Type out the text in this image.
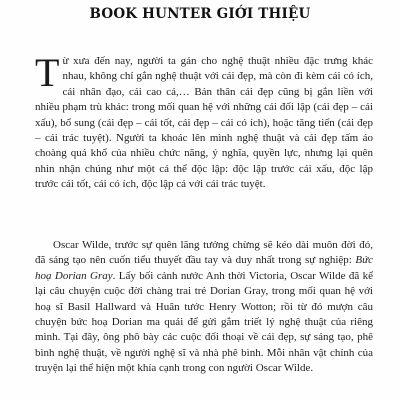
BOOK HUNTER GIỚI THIỆU

Từ xưa đến nay, người ta gán cho nghệ thuật nhiều đặc trưng khác nhau, không chỉ gắn nghệ thuật với cái đẹp, mà còn đi kèm cái có ích, cái nhân đạo, cái cao cả,… Bản thân cái đẹp cũng bị gắn liền với nhiều phạm trù khác: trong mối quan hệ với những cái đối lập (cái đẹp – cái xấu), bổ sung (cái đẹp – cái tốt, cái đẹp – cái có ích), hoặc tăng tiến (cái đẹp – cái trác tuyệt). Người ta khoác lên mình nghệ thuật và cái đẹp tấm áo choàng quá khổ của nhiều chức năng, ý nghĩa, quyền lực, nhưng lại quên nhìn nhận chúng như một cá thể độc lập: độc lập trước cái xấu, độc lập trước cái tốt, cái có ích, độc lập cả với cái trác tuyệt.

Oscar Wilde, trước sự quên lãng tưởng chừng sẽ kéo dài muôn đời đó, đã sáng tạo nên cuốn tiểu thuyết đầu tay và duy nhất trong sự nghiệp: Bức hoạ Dorian Gray. Lấy bối cảnh nước Anh thời Victoria, Oscar Wilde đã kể lại câu chuyện cuộc đời chàng trai trẻ Dorian Gray, trong mối quan hệ với hoạ sĩ Basil Hallward và Huân tước Henry Wotton; rồi từ đó mượn câu chuyện bức hoạ Dorian ma quái để gửi gắm triết lý nghệ thuật của riêng mình. Tại đây, ông phô bày các cuộc đối thoại về cái đẹp, sự sáng tạo, phê bình nghệ thuật, về người nghệ sĩ và nhà phê bình. Mỗi nhân vật chính của truyện lại thể hiện một khía cạnh trong con người Oscar Wilde.
